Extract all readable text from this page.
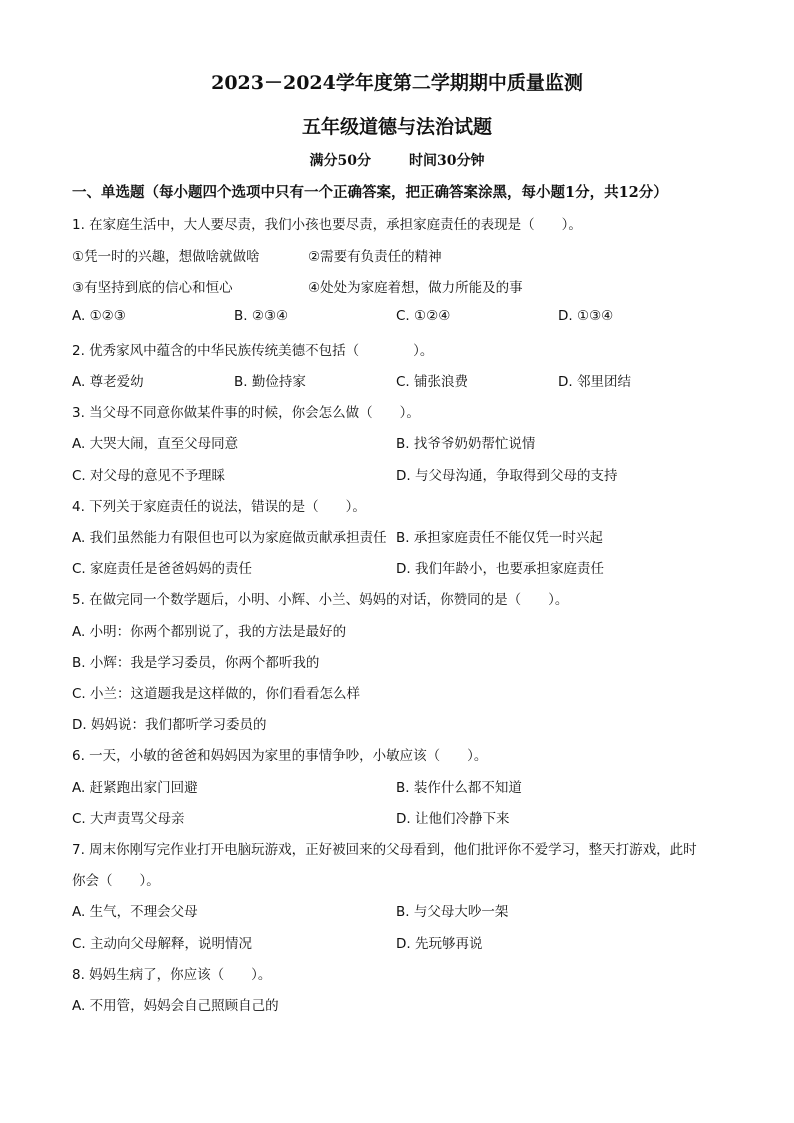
2023－2024学年度第二学期期中质量监测
五年级道德与法治试题
满分50分	时间30分钟
一、单选题（每小题四个选项中只有一个正确答案，把正确答案涂黑，每小题1分，共12分）
1. 在家庭生活中，大人要尽责，我们小孩也要尽责，承担家庭责任的表现是（　　）。
①凭一时的兴趣，想做啥就做啥	②需要有负责任的精神
③有坚持到底的信心和恒心	④处处为家庭着想，做力所能及的事
A. ①②③	B. ②③④	C. ①②④	D. ①③④
2. 优秀家风中蕴含的中华民族传统美德不包括（　　　　）。
A. 尊老爱幼	B. 勤俭持家	C. 铺张浪费	D. 邻里团结
3. 当父母不同意你做某件事的时候，你会怎么做（　　）。
A. 大哭大闹，直至父母同意	B. 找爷爷奶奶帮忙说情
C. 对父母的意见不予理睬	D. 与父母沟通，争取得到父母的支持
4. 下列关于家庭责任的说法，错误的是（　　）。
A. 我们虽然能力有限但也可以为家庭做贡献承担责任 B. 承担家庭责任不能仅凭一时兴起
C. 家庭责任是爸爸妈妈的责任	D. 我们年龄小，也要承担家庭责任
5. 在做完同一个数学题后，小明、小辉、小兰、妈妈的对话，你赞同的是（　　）。
A. 小明：你两个都别说了，我的方法是最好的
B. 小辉：我是学习委员，你两个都听我的
C. 小兰：这道题我是这样做的，你们看看怎么样
D. 妈妈说：我们都听学习委员的
6. 一天，小敏的爸爸和妈妈因为家里的事情争吵，小敏应该（　　）。
A. 赶紧跑出家门回避	B. 装作什么都不知道
C. 大声责骂父母亲	D. 让他们冷静下来
7. 周末你刚写完作业打开电脑玩游戏，正好被回来的父母看到，他们批评你不爱学习，整天打游戏，此时
你会（　　）。
A. 生气，不理会父母	B. 与父母大吵一架
C. 主动向父母解释，说明情况	D. 先玩够再说
8. 妈妈生病了，你应该（　　）。
A. 不用管，妈妈会自己照顾自己的
